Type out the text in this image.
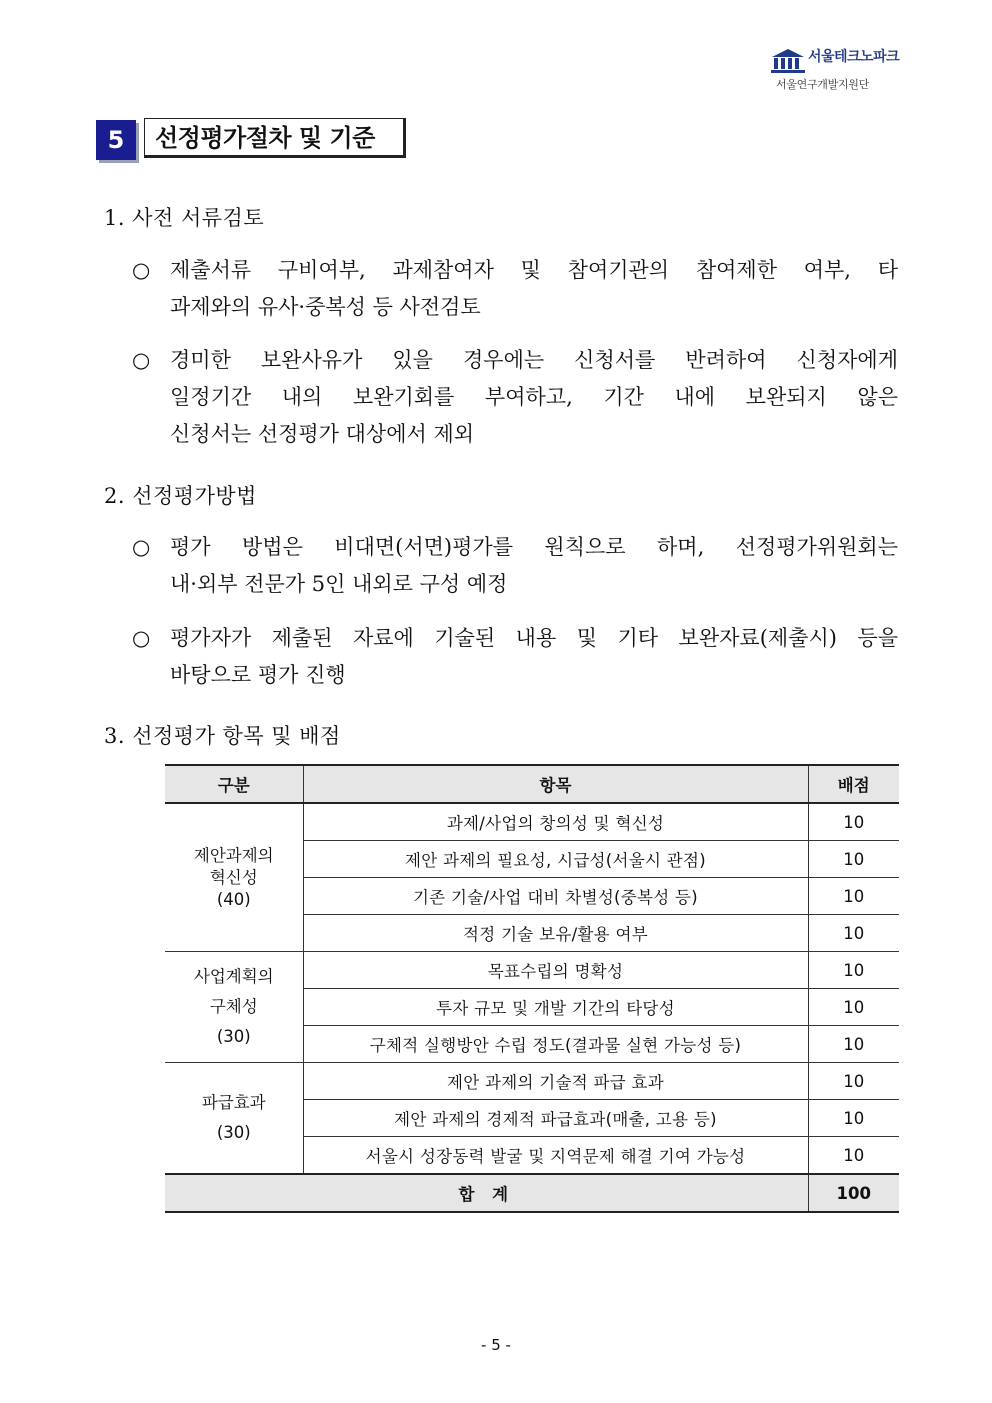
서울테크노파크
서울연구개발지원단
5	선정평가절차 및 기준
1. 사전 서류검토
○ 제출서류 구비여부, 과제참여자 및 참여기관의 참여제한 여부, 타
과제와의 유사·중복성 등 사전검토
○ 경미한 보완사유가 있을 경우에는 신청서를 반려하여 신청자에게
일정기간 내의 보완기회를 부여하고, 기간 내에 보완되지 않은
신청서는 선정평가 대상에서 제외
2. 선정평가방법
○ 평가 방법은 비대면(서면)평가를 원칙으로 하며, 선정평가위원회는
내·외부 전문가 5인 내외로 구성 예정
○ 평가자가 제출된 자료에 기술된 내용 및 기타 보완자료(제출시) 등을
바탕으로 평가 진행
3. 선정평가 항목 및 배점
구분	항목	배점

제안과제의
혁신성
(40)	과제/사업의 창의성 및 혁신성	10
	제안 과제의 필요성, 시급성(서울시 관점)	10
	기존 기술/사업 대비 차별성(중복성 등)	10
	적정 기술 보유/활용 여부	10

사업계획의
구체성
(30)	목표수립의 명확성	10
	투자 규모 및 개발 기간의 타당성	10
	구체적 실행방안 수립 정도(결과물 실현 가능성 등)	10

파급효과
(30)	제안 과제의 기술적 파급 효과	10
	제안 과제의 경제적 파급효과(매출, 고용 등)	10
	서울시 성장동력 발굴 및 지역문제 해결 기여 가능성	10
합 계		100
- 5 -
